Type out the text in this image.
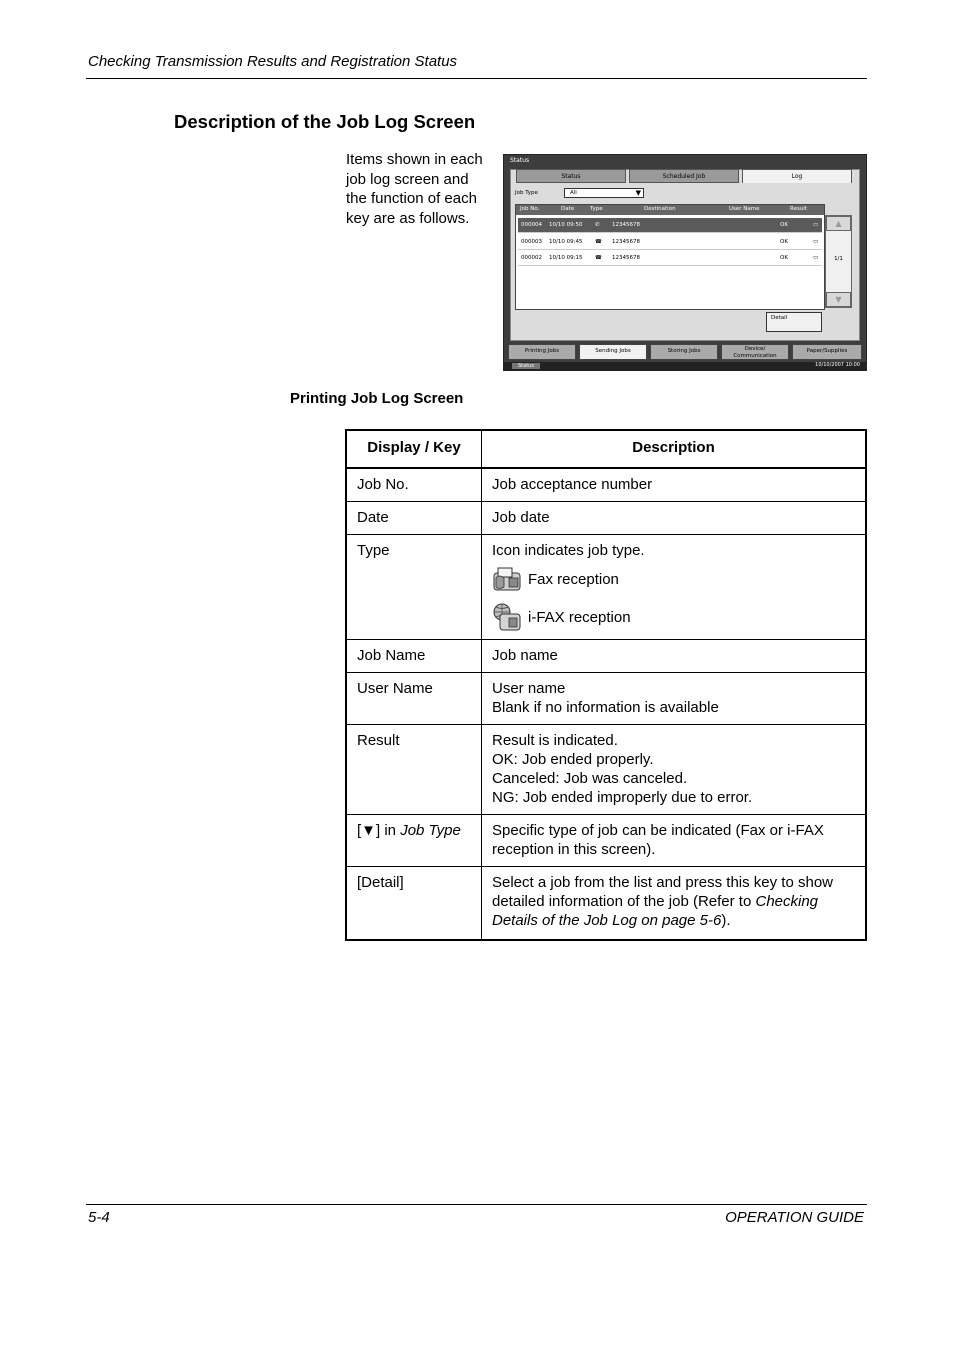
Checking Transmission Results and Registration Status
Description of the Job Log Screen
Items shown in each
job log screen and
the function of each
key are as follows.
Status
Status	Scheduled Job	Log
Job Type	All	▼
Job No.	Date	Type	Destination	User Name	Result
000004 10/10 09:50 ✆ 12345678	OK	▭
000003 10/10 09:45 ☎ 12345678	OK	▭
000002 10/10 09:15 ☎ 12345678	OK	▭
▲
1/1
▼
Detail
Printing Jobs	Sending Jobs	Storing Jobs	Device/
Communication
Paper/Supplies
Status	10/10/2007 10:00
Printing Job Log Screen
Display / Key	Description
Job No.	Job acceptance number
Date	Job date
Type	Icon indicates job type.
Fax reception
i-FAX reception

Job Name	Job name
User Name	User name
Blank if no information is available

Result	Result is indicated.
OK: Job ended properly.
Canceled: Job was canceled.
NG: Job ended improperly due to error.

[▼] in Job Type	Specific type of job can be indicated (Fax or i-FAX reception in this screen).
[Detail]	Select a job from the list and press this key to show detailed information of the job (Refer to Checking Details of the Job Log on page 5-6).
5-4	OPERATION GUIDE
